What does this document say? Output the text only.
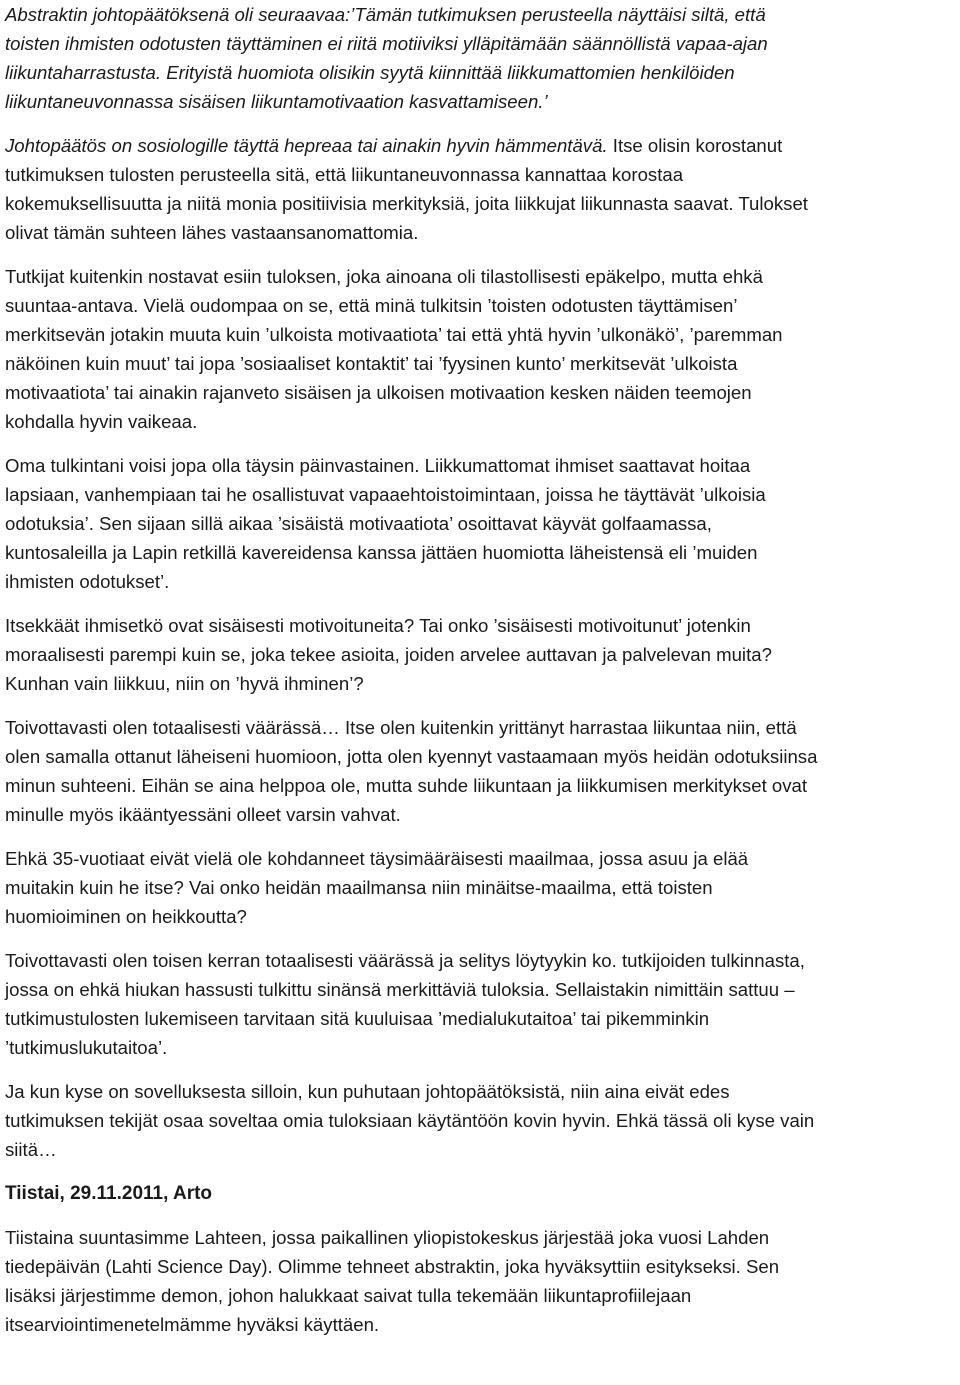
Abstraktin johtopäätöksenä oli seuraavaa:’Tämän tutkimuksen perusteella näyttäisi siltä, että
toisten ihmisten odotusten täyttäminen ei riitä motiiviksi ylläpitämään säännöllistä vapaa-ajan
liikuntaharrastusta. Erityistä huomiota olisikin syytä kiinnittää liikkumattomien henkilöiden
liikuntaneuvonnassa sisäisen liikuntamotivaation kasvattamiseen.’

Johtopäätös on sosiologille täyttä hepreaa tai ainakin hyvin hämmentävä. Itse olisin korostanut
tutkimuksen tulosten perusteella sitä, että liikuntaneuvonnassa kannattaa korostaa
kokemuksellisuutta ja niitä monia positiivisia merkityksiä, joita liikkujat liikunnasta saavat. Tulokset
olivat tämän suhteen lähes vastaansanomattomia.

Tutkijat kuitenkin nostavat esiin tuloksen, joka ainoana oli tilastollisesti epäkelpo, mutta ehkä
suuntaa-antava. Vielä oudompaa on se, että minä tulkitsin ’toisten odotusten täyttämisen’
merkitsevän jotakin muuta kuin ’ulkoista motivaatiota’ tai että yhtä hyvin ’ulkonäkö’, ’paremman
näköinen kuin muut’ tai jopa ’sosiaaliset kontaktit’ tai ’fyysinen kunto’ merkitsevät ’ulkoista
motivaatiota’ tai ainakin rajanveto sisäisen ja ulkoisen motivaation kesken näiden teemojen
kohdalla hyvin vaikeaa.

Oma tulkintani voisi jopa olla täysin päinvastainen. Liikkumattomat ihmiset saattavat hoitaa
lapsiaan, vanhempiaan tai he osallistuvat vapaaehtoistoimintaan, joissa he täyttävät ’ulkoisia
odotuksia’. Sen sijaan sillä aikaa ’sisäistä motivaatiota’ osoittavat käyvät golfaamassa,
kuntosaleilla ja Lapin retkillä kavereidensa kanssa jättäen huomiotta läheistensä eli ’muiden
ihmisten odotukset’.

Itsekkäät ihmisetkö ovat sisäisesti motivoituneita? Tai onko ’sisäisesti motivoitunut’ jotenkin
moraalisesti parempi kuin se, joka tekee asioita, joiden arvelee auttavan ja palvelevan muita?
Kunhan vain liikkuu, niin on ’hyvä ihminen’?

Toivottavasti olen totaalisesti väärässä… Itse olen kuitenkin yrittänyt harrastaa liikuntaa niin, että
olen samalla ottanut läheiseni huomioon, jotta olen kyennyt vastaamaan myös heidän odotuksiinsa
minun suhteeni. Eihän se aina helppoa ole, mutta suhde liikuntaan ja liikkumisen merkitykset ovat
minulle myös ikääntyessäni olleet varsin vahvat.

Ehkä 35-vuotiaat eivät vielä ole kohdanneet täysimääräisesti maailmaa, jossa asuu ja elää
muitakin kuin he itse? Vai onko heidän maailmansa niin minäitse-maailma, että toisten
huomioiminen on heikkoutta?

Toivottavasti olen toisen kerran totaalisesti väärässä ja selitys löytyykin ko. tutkijoiden tulkinnasta,
jossa on ehkä hiukan hassusti tulkittu sinänsä merkittäviä tuloksia. Sellaistakin nimittäin sattuu –
tutkimustulosten lukemiseen tarvitaan sitä kuuluisaa ’medialukutaitoa’ tai pikemminkin
’tutkimuslukutaitoa’.

Ja kun kyse on sovelluksesta silloin, kun puhutaan johtopäätöksistä, niin aina eivät edes
tutkimuksen tekijät osaa soveltaa omia tuloksiaan käytäntöön kovin hyvin. Ehkä tässä oli kyse vain
siitä…

Tiistai, 29.11.2011, Arto

Tiistaina suuntasimme Lahteen, jossa paikallinen yliopistokeskus järjestää joka vuosi Lahden
tiedepäivän (Lahti Science Day). Olimme tehneet abstraktin, joka hyväksyttiin esitykseksi. Sen
lisäksi järjestimme demon, johon halukkaat saivat tulla tekemään liikuntaprofiilejaan
itsearviointimenetelmämme hyväksi käyttäen.
